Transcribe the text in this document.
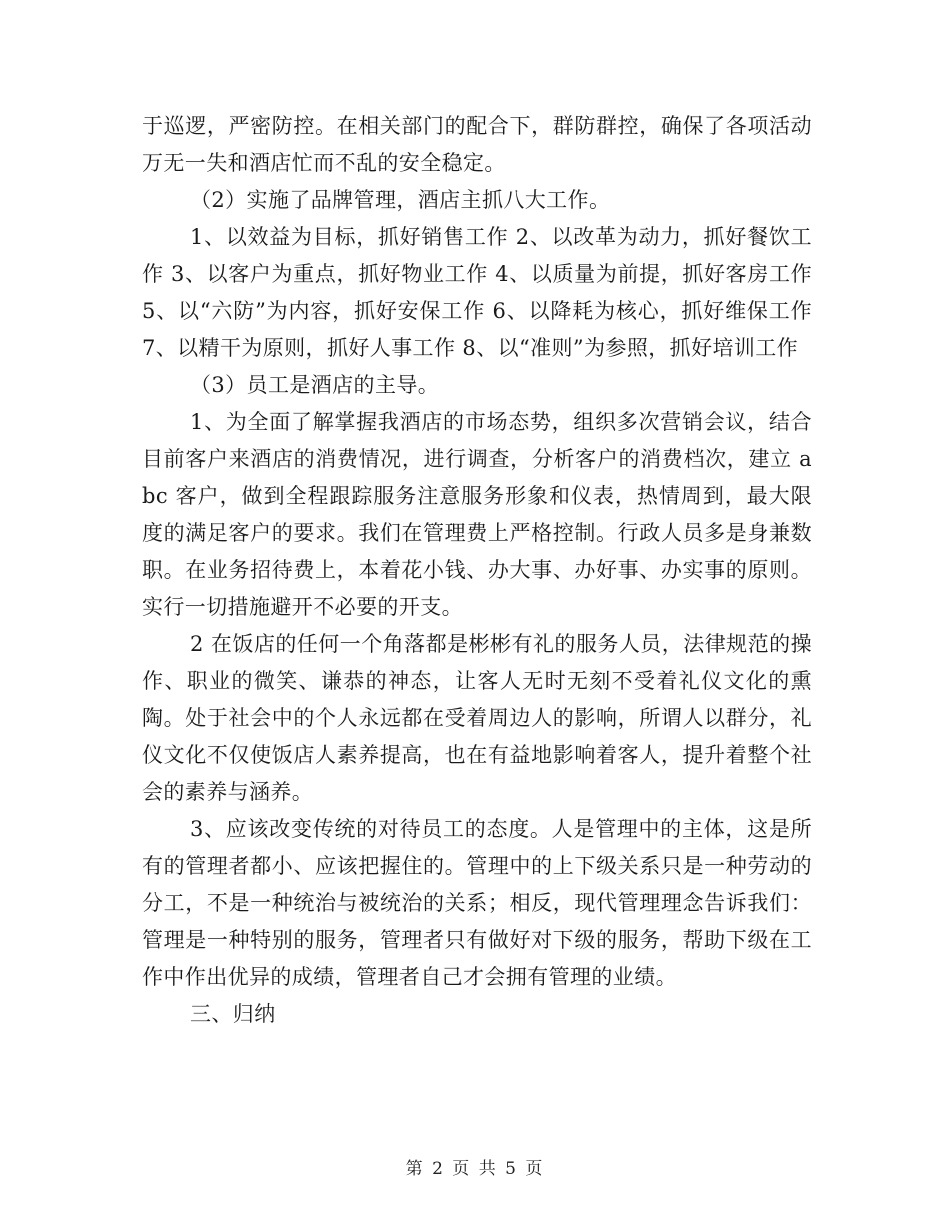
于巡逻，严密防控。在相关部门的配合下，群防群控，确保了各项活动万无一失和酒店忙而不乱的安全稳定。

（2）实施了品牌管理，酒店主抓八大工作。

1、以效益为目标，抓好销售工作 2、以改革为动力，抓好餐饮工作 3、以客户为重点，抓好物业工作 4、以质量为前提，抓好客房工作 5、以“六防”为内容，抓好安保工作 6、以降耗为核心，抓好维保工作 7、以精干为原则，抓好人事工作 8、以“准则”为参照，抓好培训工作

（3）员工是酒店的主导。

1、为全面了解掌握我酒店的市场态势，组织多次营销会议，结合目前客户来酒店的消费情况，进行调查，分析客户的消费档次，建立 abc 客户，做到全程跟踪服务注意服务形象和仪表，热情周到，最大限度的满足客户的要求。我们在管理费上严格控制。行政人员多是身兼数职。在业务招待费上，本着花小钱、办大事、办好事、办实事的原则。实行一切措施避开不必要的开支。

2 在饭店的任何一个角落都是彬彬有礼的服务人员，法律规范的操作、职业的微笑、谦恭的神态，让客人无时无刻不受着礼仪文化的熏陶。处于社会中的个人永远都在受着周边人的影响，所谓人以群分，礼仪文化不仅使饭店人素养提高，也在有益地影响着客人，提升着整个社会的素养与涵养。

3、应该改变传统的对待员工的态度。人是管理中的主体，这是所有的管理者都小、应该把握住的。管理中的上下级关系只是一种劳动的分工，不是一种统治与被统治的关系；相反，现代管理理念告诉我们：管理是一种特别的服务，管理者只有做好对下级的服务，帮助下级在工作中作出优异的成绩，管理者自己才会拥有管理的业绩。

三、归纳

第 2 页 共 5 页
